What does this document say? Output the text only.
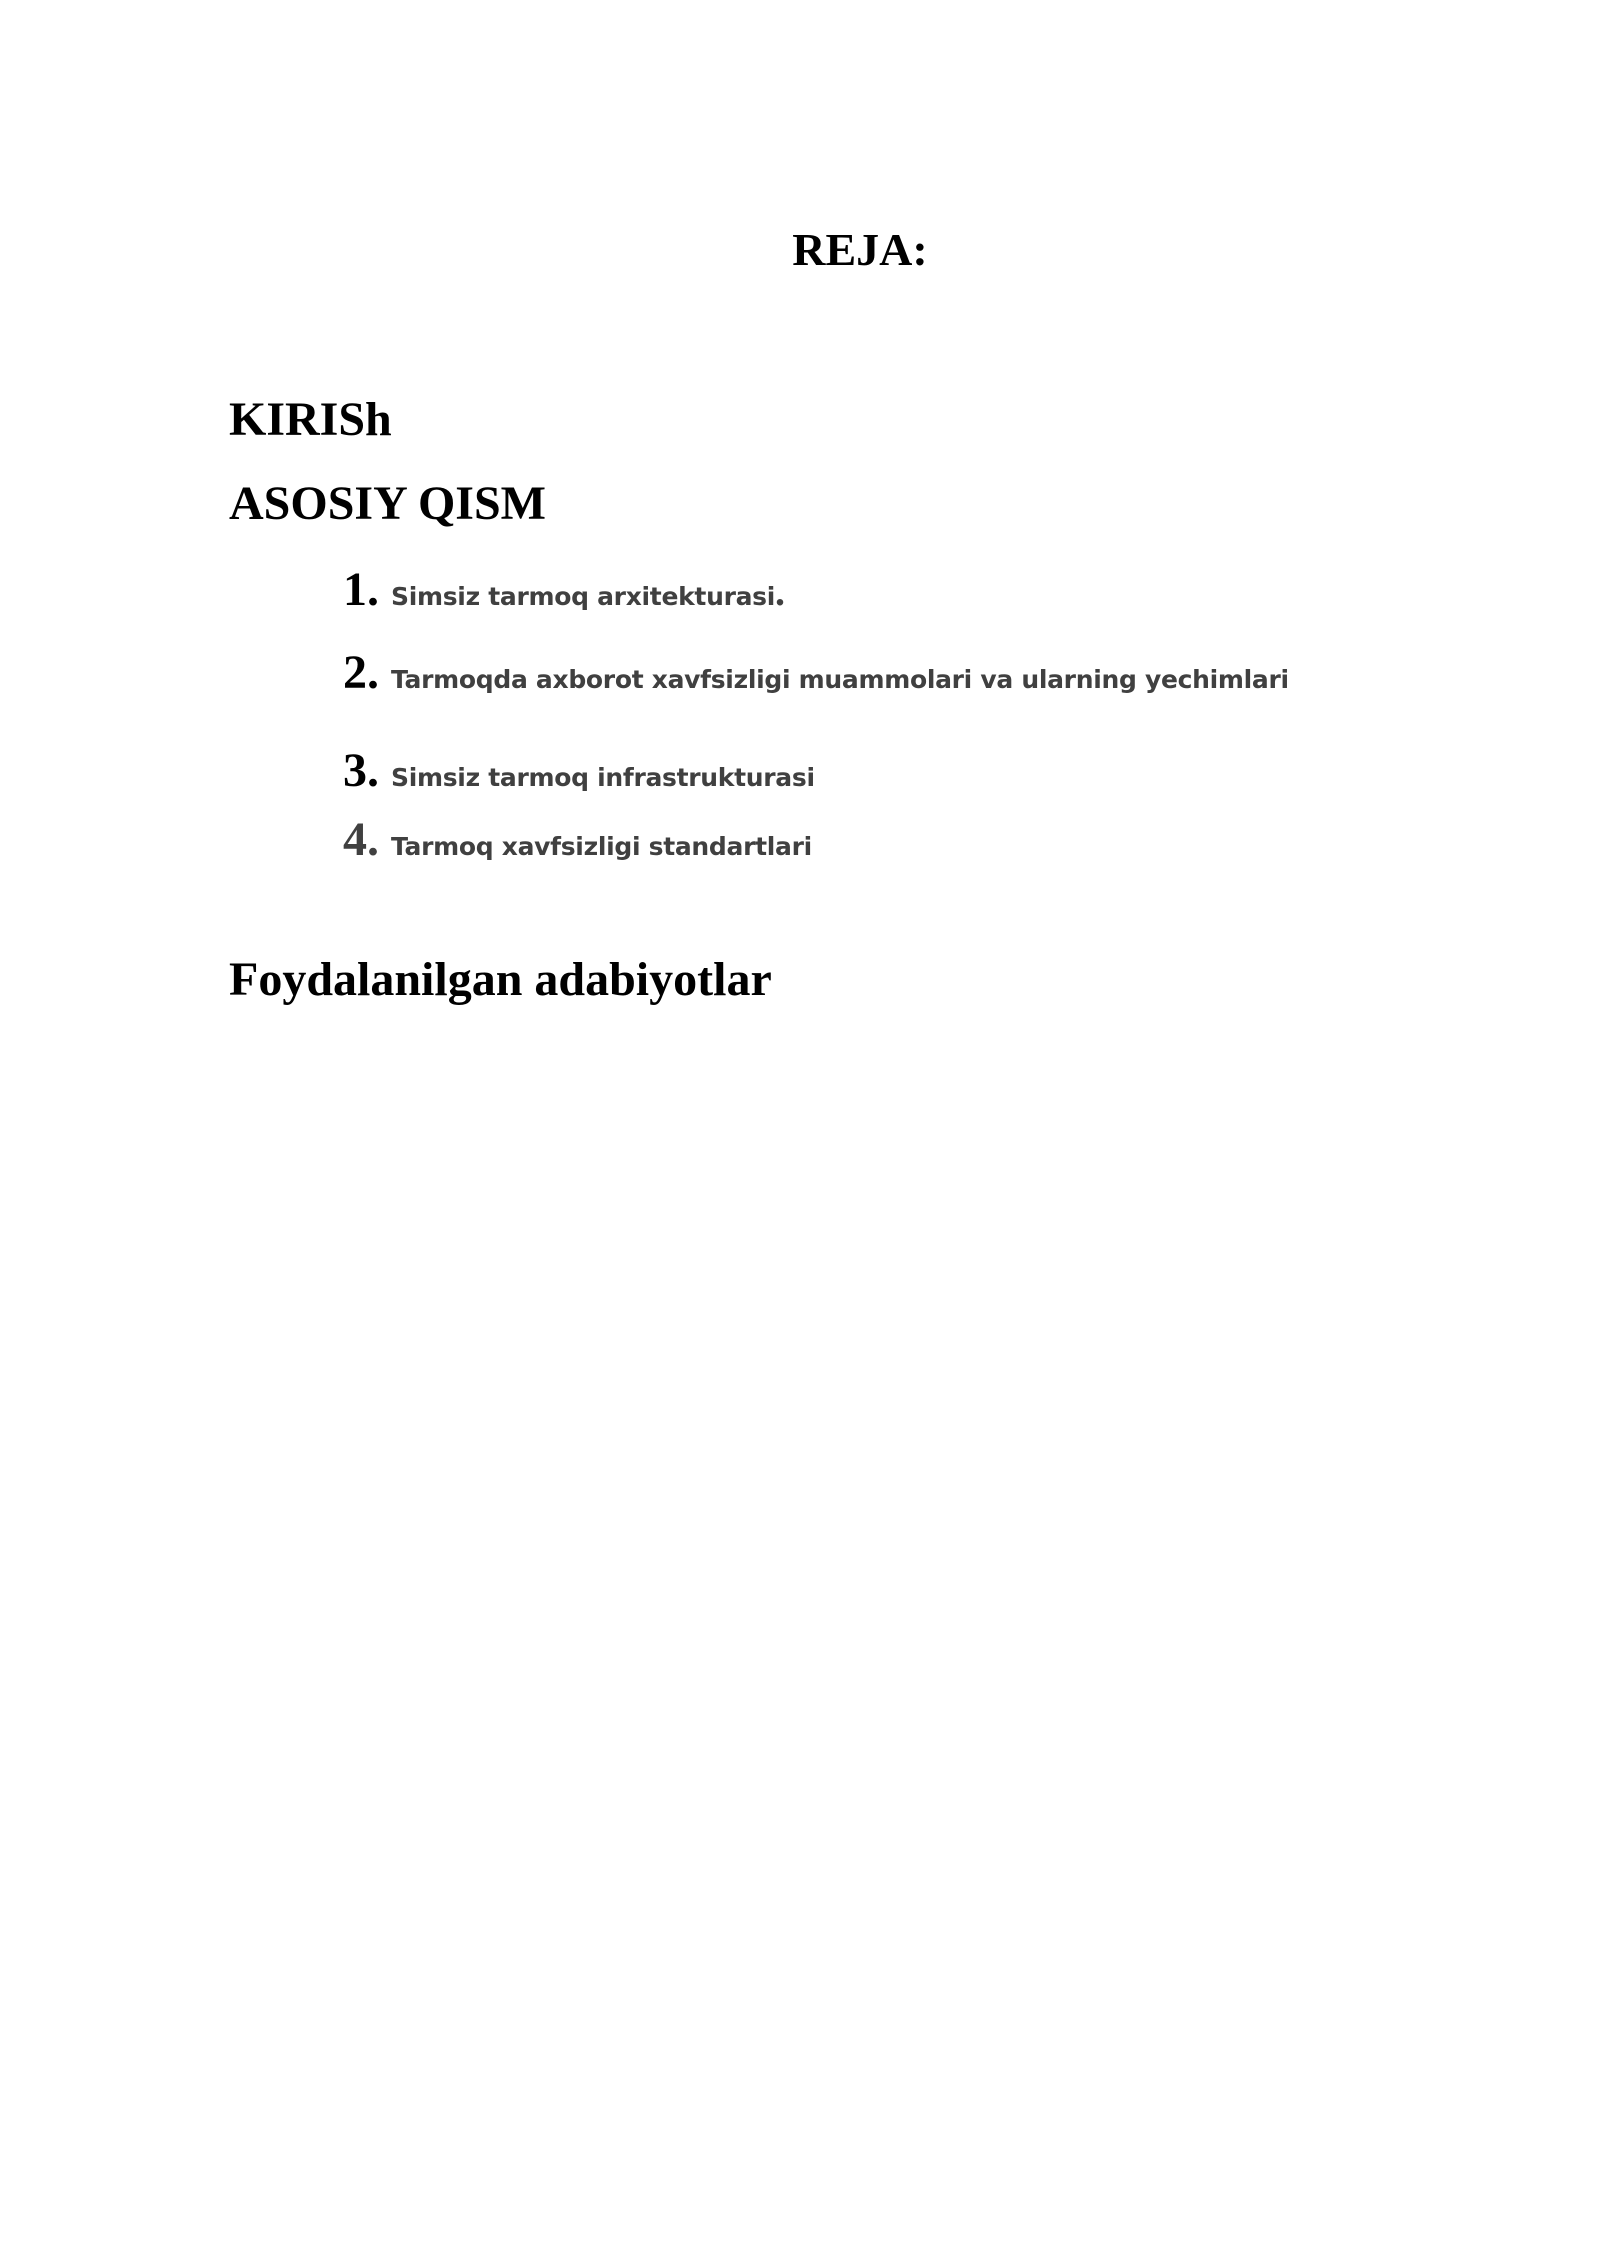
REJA:
KIRISh
ASOSIY QISM
1. Simsiz tarmoq arxitekturasi .
2. Tarmoqda axborot xavfsizligi muammolari va ularning yechimlari
3. Simsiz tarmoq infrastrukturasi
4. Tarmoq xavfsizligi standartlari
Foydalanilgan adabiyotlar
